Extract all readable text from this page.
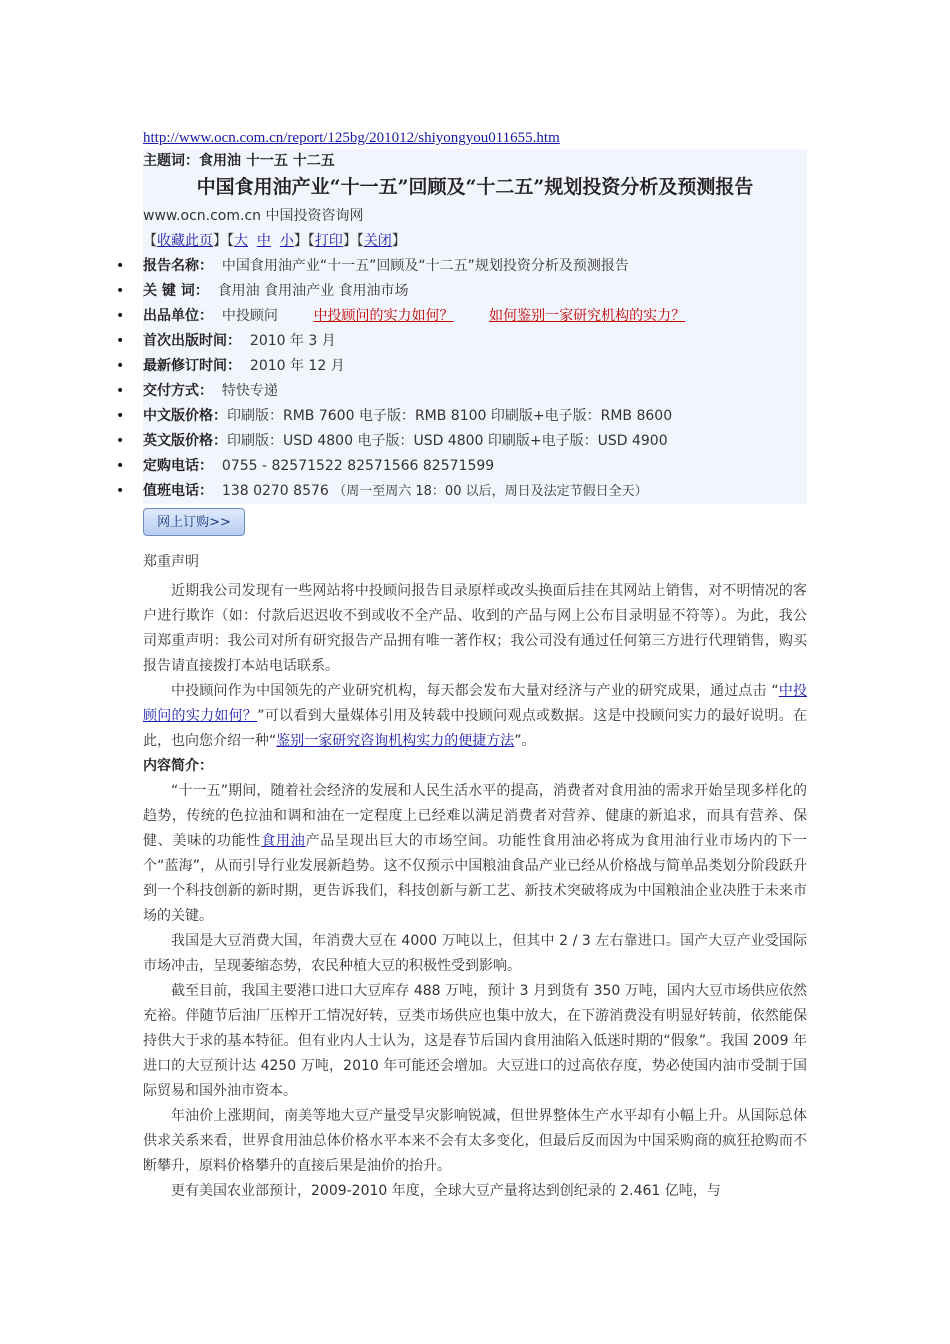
http://www.ocn.com.cn/report/125bg/201012/shiyongyou011655.htm
主题词：食用油 十一五 十二五
中国食用油产业“十一五”回顾及“十二五”规划投资分析及预测报告
www.ocn.com.cn 中国投资咨询网
【收藏此页】【大 中 小】【打印】【关闭】
• 报告名称： 中国食用油产业“十一五”回顾及“十二五”规划投资分析及预测报告
• 关 键 词： 食用油 食用油产业 食用油市场
• 出品单位： 中投顾问	中投顾问的实力如何？	如何鉴别一家研究机构的实力？
• 首次出版时间： 2010 年 3 月
• 最新修订时间： 2010 年 12 月
• 交付方式： 特快专递
• 中文版价格：印刷版：RMB 7600 电子版：RMB 8100 印刷版+电子版：RMB 8600
• 英文版价格：印刷版：USD 4800 电子版：USD 4800 印刷版+电子版：USD 4900
• 定购电话： 0755 - 82571522 82571566 82571599
• 值班电话： 138 0270 8576 （周一至周六 18：00 以后，周日及法定节假日全天）
网上订购>>

郑重声明

近期我公司发现有一些网站将中投顾问报告目录原样或改头换面后挂在其网站上销售，对不明情况的客户进行欺诈（如：付款后迟迟收不到或收不全产品、收到的产品与网上公布目录明显不符等）。为此，我公司郑重声明：我公司对所有研究报告产品拥有唯一著作权；我公司没有通过任何第三方进行代理销售，购买报告请直接拨打本站电话联系。

中投顾问作为中国领先的产业研究机构，每天都会发布大量对经济与产业的研究成果，通过点击 “中投顾问的实力如何？”可以看到大量媒体引用及转载中投顾问观点或数据。这是中投顾问实力的最好说明。在此，也向您介绍一种“鉴别一家研究咨询机构实力的便捷方法”。

内容简介：

“十一五”期间，随着社会经济的发展和人民生活水平的提高，消费者对食用油的需求开始呈现多样化的趋势，传统的色拉油和调和油在一定程度上已经难以满足消费者对营养、健康的新追求，而具有营养、保健、美味的功能性食用油产品呈现出巨大的市场空间。功能性食用油必将成为食用油行业市场内的下一个“蓝海”，从而引导行业发展新趋势。这不仅预示中国粮油食品产业已经从价格战与简单品类划分阶段跃升到一个科技创新的新时期，更告诉我们，科技创新与新工艺、新技术突破将成为中国粮油企业决胜于未来市场的关键。

我国是大豆消费大国，年消费大豆在 4000 万吨以上，但其中 2 / 3 左右靠进口。国产大豆产业受国际市场冲击，呈现萎缩态势，农民种植大豆的积极性受到影响。

截至目前，我国主要港口进口大豆库存 488 万吨，预计 3 月到货有 350 万吨，国内大豆市场供应依然充裕。伴随节后油厂压榨开工情况好转，豆类市场供应也集中放大，在下游消费没有明显好转前，依然能保持供大于求的基本特征。但有业内人士认为，这是春节后国内食用油陷入低迷时期的“假象”。我国 2009 年进口的大豆预计达 4250 万吨，2010 年可能还会增加。大豆进口的过高依存度，势必使国内油市受制于国际贸易和国外油市资本。

年油价上涨期间，南美等地大豆产量受旱灾影响锐减，但世界整体生产水平却有小幅上升。从国际总体供求关系来看，世界食用油总体价格水平本来不会有太多变化，但最后反而因为中国采购商的疯狂抢购而不断攀升，原料价格攀升的直接后果是油价的抬升。

更有美国农业部预计，2009-2010 年度，全球大豆产量将达到创纪录的 2.461 亿吨，与
